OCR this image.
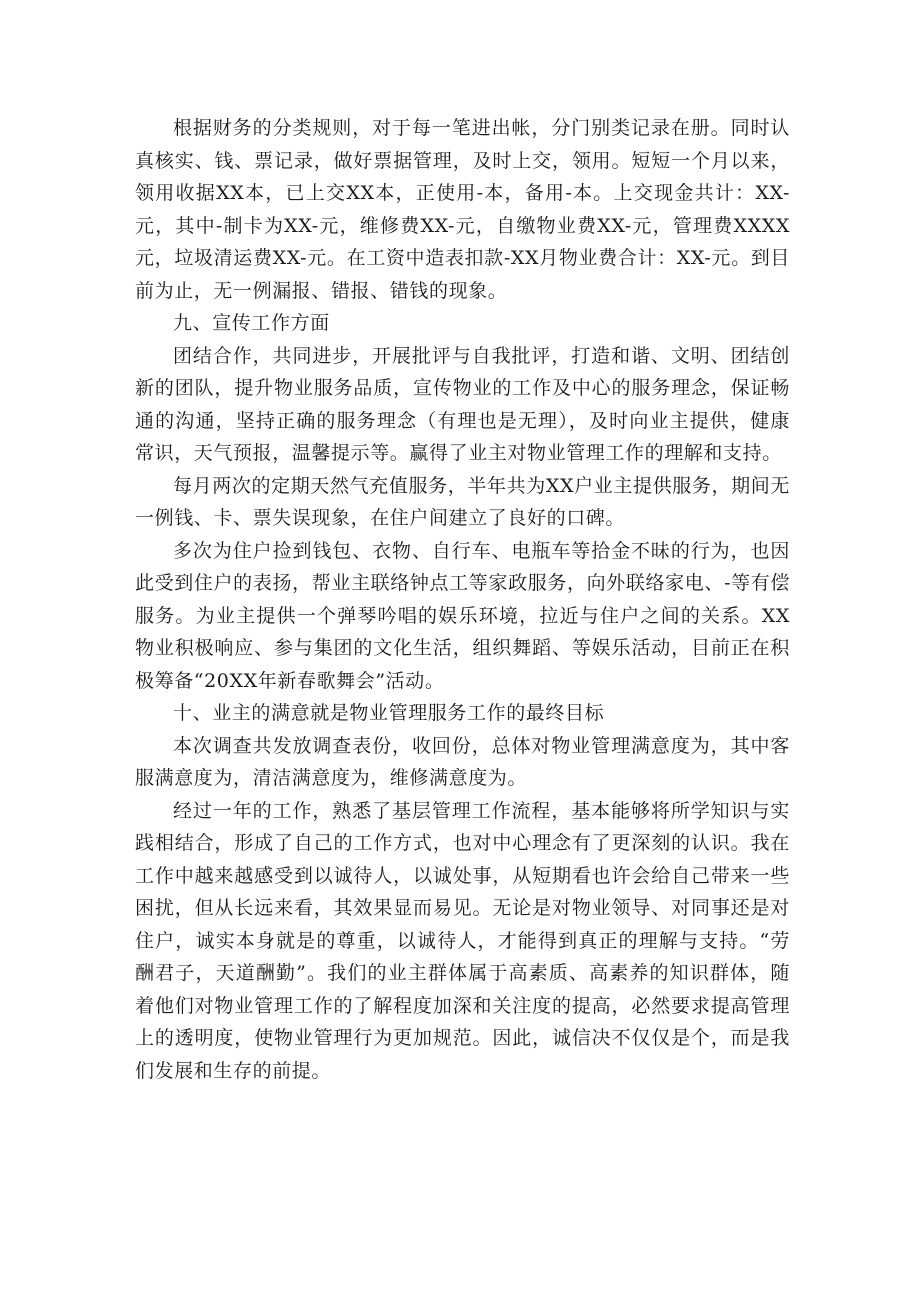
根据财务的分类规则，对于每一笔进出帐，分门别类记录在册。同时认真核实、钱、票记录，做好票据管理，及时上交，领用。短短一个月以来，领用收据XX本，已上交XX本，正使用-本，备用-本。上交现金共计：XX-元，其中-制卡为XX-元，维修费XX-元，自缴物业费XX-元，管理费XXXX元，垃圾清运费XX-元。在工资中造表扣款-XX月物业费合计：XX-元。到目前为止，无一例漏报、错报、错钱的现象。

九、宣传工作方面

团结合作，共同进步，开展批评与自我批评，打造和谐、文明、团结创新的团队，提升物业服务品质，宣传物业的工作及中心的服务理念，保证畅通的沟通，坚持正确的服务理念（有理也是无理），及时向业主提供，健康常识，天气预报，温馨提示等。赢得了业主对物业管理工作的理解和支持。

每月两次的定期天然气充值服务，半年共为XX户业主提供服务，期间无一例钱、卡、票失误现象，在住户间建立了良好的口碑。

多次为住户捡到钱包、衣物、自行车、电瓶车等拾金不昧的行为，也因此受到住户的表扬，帮业主联络钟点工等家政服务，向外联络家电、-等有偿服务。为业主提供一个弹琴吟唱的娱乐环境，拉近与住户之间的关系。XX物业积极响应、参与集团的文化生活，组织舞蹈、等娱乐活动，目前正在积极筹备“20XX年新春歌舞会”活动。

十、业主的满意就是物业管理服务工作的最终目标

本次调查共发放调查表份，收回份，总体对物业管理满意度为，其中客服满意度为，清洁满意度为，维修满意度为。

经过一年的工作，熟悉了基层管理工作流程，基本能够将所学知识与实践相结合，形成了自己的工作方式，也对中心理念有了更深刻的认识。我在工作中越来越感受到以诚待人，以诚处事，从短期看也许会给自己带来一些困扰，但从长远来看，其效果显而易见。无论是对物业领导、对同事还是对住户，诚实本身就是的尊重，以诚待人，才能得到真正的理解与支持。“劳酬君子，天道酬勤”。我们的业主群体属于高素质、高素养的知识群体，随着他们对物业管理工作的了解程度加深和关注度的提高，必然要求提高管理上的透明度，使物业管理行为更加规范。因此，诚信决不仅仅是个，而是我们发展和生存的前提。
